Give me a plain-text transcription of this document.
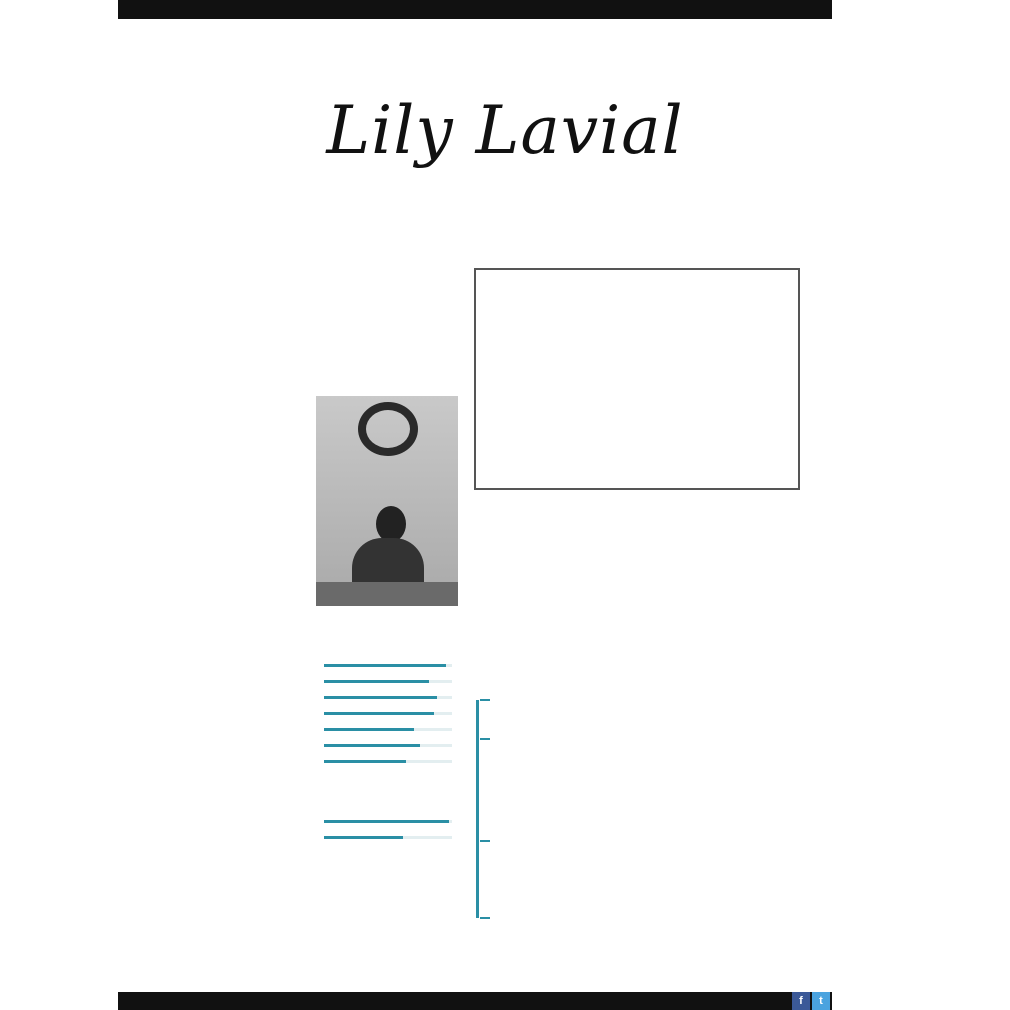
Lily Lavial

f	t
